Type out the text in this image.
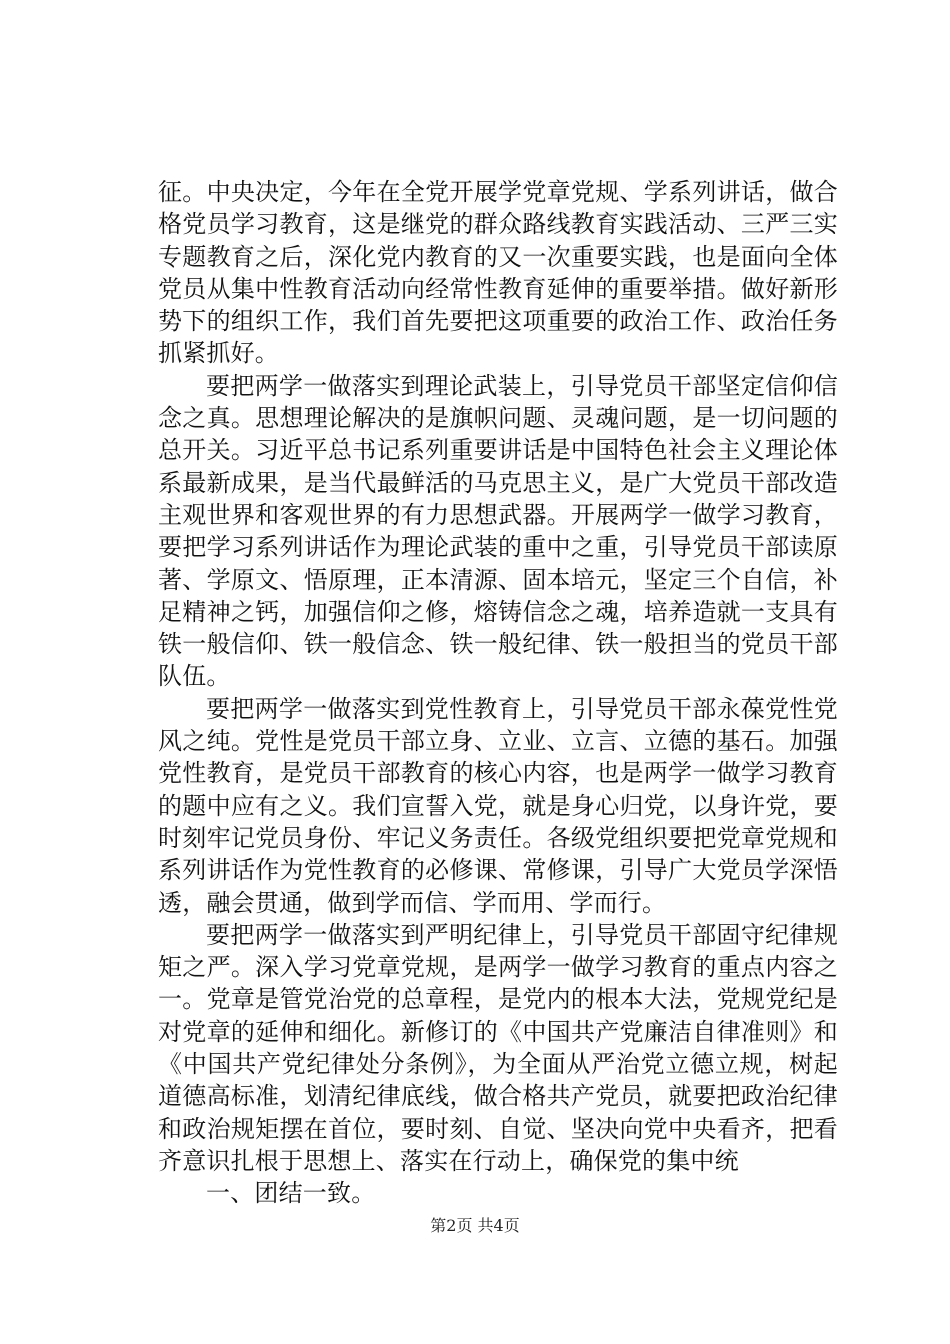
征。中央决定，今年在全党开展学党章党规、学系列讲话，做合格党员学习教育，这是继党的群众路线教育实践活动、三严三实专题教育之后，深化党内教育的又一次重要实践，也是面向全体党员从集中性教育活动向经常性教育延伸的重要举措。做好新形势下的组织工作，我们首先要把这项重要的政治工作、政治任务抓紧抓好。

要把两学一做落实到理论武装上，引导党员干部坚定信仰信念之真。思想理论解决的是旗帜问题、灵魂问题，是一切问题的总开关。习近平总书记系列重要讲话是中国特色社会主义理论体系最新成果，是当代最鲜活的马克思主义，是广大党员干部改造主观世界和客观世界的有力思想武器。开展两学一做学习教育，要把学习系列讲话作为理论武装的重中之重，引导党员干部读原著、学原文、悟原理，正本清源、固本培元，坚定三个自信，补足精神之钙，加强信仰之修，熔铸信念之魂，培养造就一支具有铁一般信仰、铁一般信念、铁一般纪律、铁一般担当的党员干部队伍。

要把两学一做落实到党性教育上，引导党员干部永葆党性党风之纯。党性是党员干部立身、立业、立言、立德的基石。加强党性教育，是党员干部教育的核心内容，也是两学一做学习教育的题中应有之义。我们宣誓入党，就是身心归党，以身许党，要时刻牢记党员身份、牢记义务责任。各级党组织要把党章党规和系列讲话作为党性教育的必修课、常修课，引导广大党员学深悟透，融会贯通，做到学而信、学而用、学而行。

要把两学一做落实到严明纪律上，引导党员干部固守纪律规矩之严。深入学习党章党规，是两学一做学习教育的重点内容之一。党章是管党治党的总章程，是党内的根本大法，党规党纪是对党章的延伸和细化。新修订的《中国共产党廉洁自律准则》和《中国共产党纪律处分条例》，为全面从严治党立德立规，树起道德高标准，划清纪律底线，做合格共产党员，就要把政治纪律和政治规矩摆在首位，要时刻、自觉、坚决向党中央看齐，把看齐意识扎根于思想上、落实在行动上，确保党的集中统

一、团结一致。

第2页 共4页
